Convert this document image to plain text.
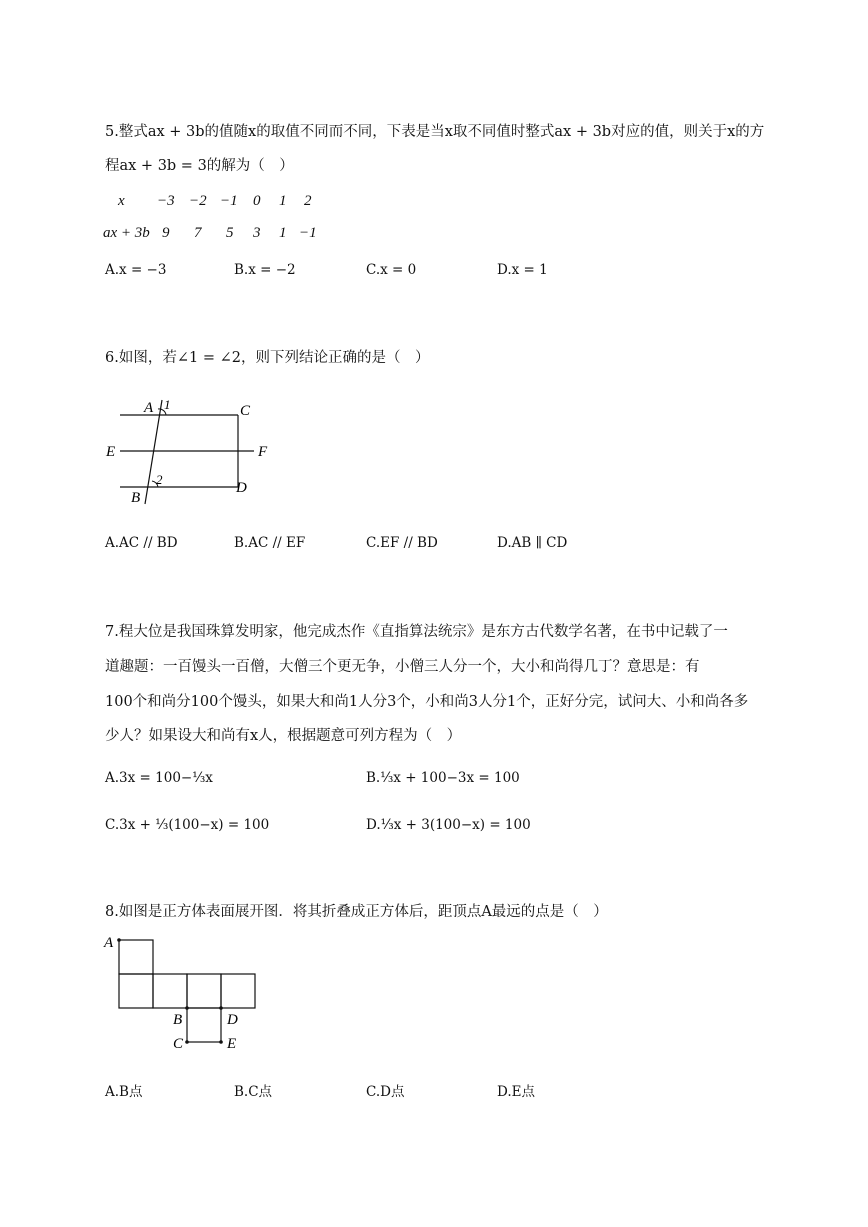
5.整式ax + 3b的值随x的取值不同而不同，下表是当x取不同值时整式ax + 3b对应的值，则关于x的方
程ax + 3b = 3的解为（　）
x −3 −2 −1 0 1 2
ax + 3b 9 7 5 3 1 −1
A.x = −3	B.x = −2	C.x = 0	D.x = 1
6.如图，若∠1 = ∠2，则下列结论正确的是（　）
A 1	C
E	F
2
B
D
A.AC // BD	B.AC // EF	C.EF // BD	D.AB ∥ CD
7.程大位是我国珠算发明家，他完成杰作《直指算法统宗》是东方古代数学名著，在书中记载了一
道趣题：一百馒头一百僧，大僧三个更无争，小僧三人分一个，大小和尚得几丁？意思是：有
100个和尚分100个馒头，如果大和尚1人分3个，小和尚3人分1个，正好分完，试问大、小和尚各多
少人？如果设大和尚有x人，根据题意可列方程为（　）
A.3x = 100−⅓x	B.⅓x + 100−3x = 100
C.3x + ⅓(100−x) = 100	D.⅓x + 3(100−x) = 100
8.如图是正方体表面展开图．将其折叠成正方体后，距顶点A最远的点是（　）
A
B	D
C	E
A.B点	B.C点	C.D点	D.E点
